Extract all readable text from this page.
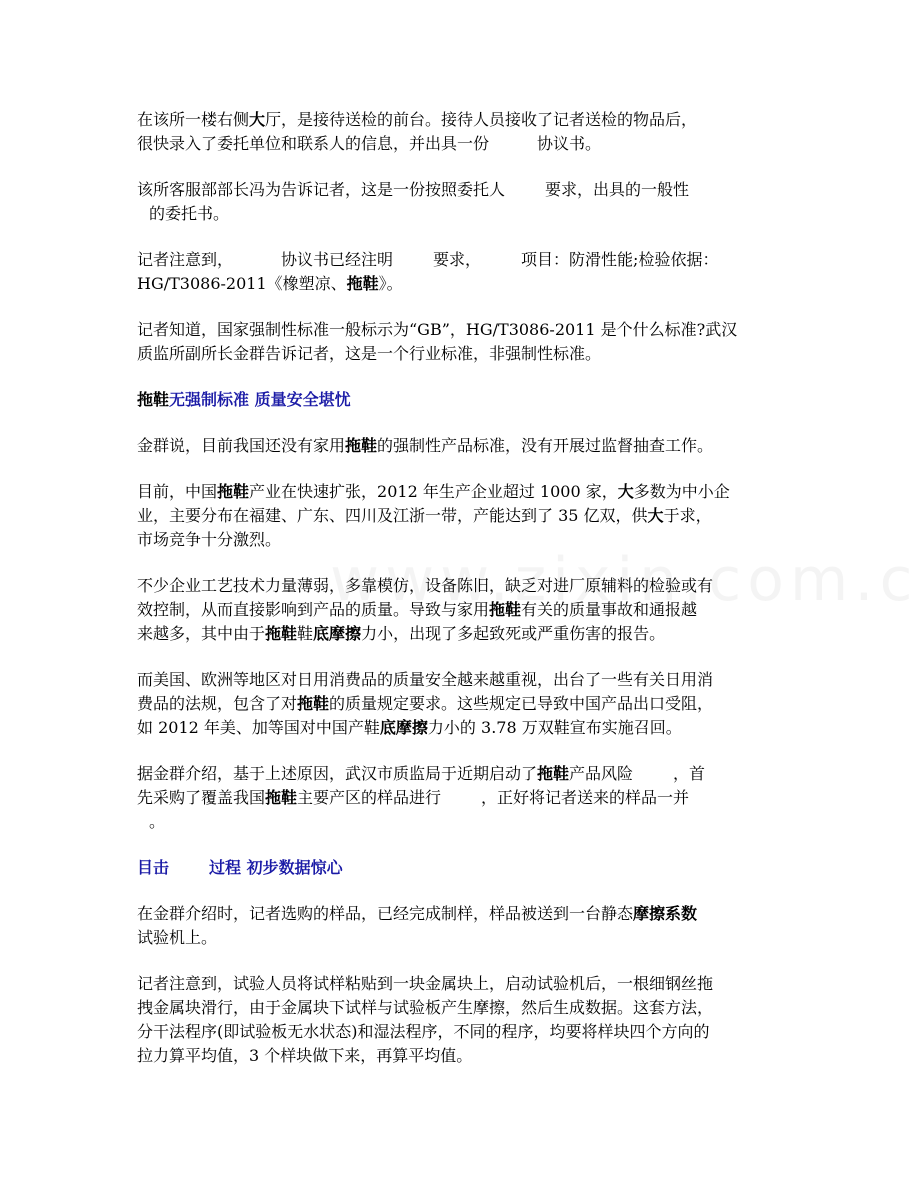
在该所一楼右侧大厅，是接待送检的前台。接待人员接收了记者送检的物品后，
很快录入了委托单位和联系人的信息，并出具一份	协议书。

该所客服部部长冯为告诉记者，这是一份按照委托人	要求，出具的一般性
的委托书。

记者注意到，	协议书已经注明	要求，	项目：防滑性能;检验依据：
HG/T3086-2011《橡塑凉、拖鞋》。

记者知道，国家强制性标准一般标示为“GB”，HG/T3086-2011 是个什么标准?武汉
质监所副所长金群告诉记者，这是一个行业标准，非强制性标准。

拖鞋无强制标准 质量安全堪忧

金群说，目前我国还没有家用拖鞋的强制性产品标准，没有开展过监督抽查工作。

目前，中国拖鞋产业在快速扩张，2012 年生产企业超过 1000 家，大多数为中小企
业，主要分布在福建、广东、四川及江浙一带，产能达到了 35 亿双，供大于求，
市场竞争十分激烈。

不少企业工艺技术力量薄弱，多靠模仿，设备陈旧，缺乏对进厂原辅料的检验或有
效控制，从而直接影响到产品的质量。导致与家用拖鞋有关的质量事故和通报越
来越多，其中由于拖鞋鞋底摩擦力小，出现了多起致死或严重伤害的报告。

而美国、欧洲等地区对日用消费品的质量安全越来越重视，出台了一些有关日用消
费品的法规，包含了对拖鞋的质量规定要求。这些规定已导致中国产品出口受阻，
如 2012 年美、加等国对中国产鞋底摩擦力小的 3.78 万双鞋宣布实施召回。

据金群介绍，基于上述原因，武汉市质监局于近期启动了拖鞋产品风险	，首
先采购了覆盖我国拖鞋主要产区的样品进行	，正好将记者送来的样品一并
。

目击	过程 初步数据惊心

在金群介绍时，记者选购的样品，已经完成制样，样品被送到一台静态摩擦系数
试验机上。

记者注意到，试验人员将试样粘贴到一块金属块上，启动试验机后，一根细钢丝拖
拽金属块滑行，由于金属块下试样与试验板产生摩擦，然后生成数据。这套方法，
分干法程序(即试验板无水状态)和湿法程序，不同的程序，均要将样块四个方向的
拉力算平均值，3 个样块做下来，再算平均值。
